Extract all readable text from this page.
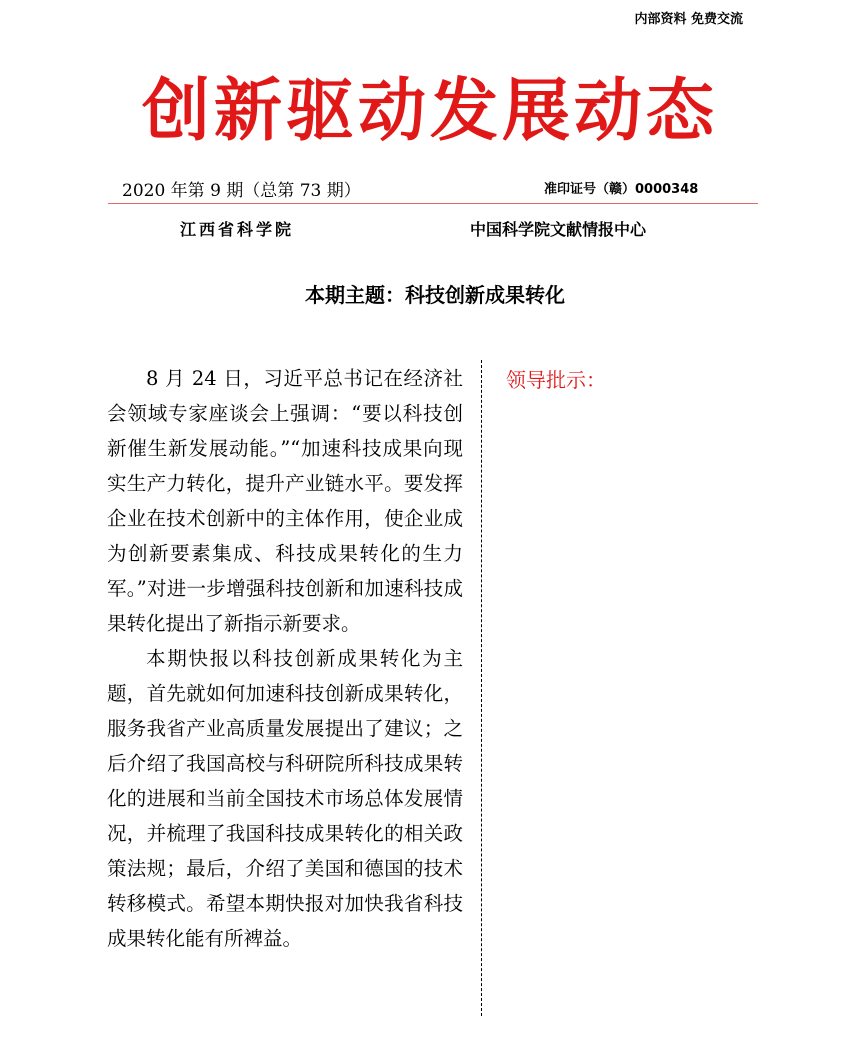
内部资料 免费交流
创新驱动发展动态
2020 年第 9 期（总第 73 期）	准印证号（赣）0000348
江西省科学院	中国科学院文献情报中心
本期主题：科技创新成果转化

8 月 24 日，习近平总书记在经济社会领域专家座谈会上强调：“要以科技创新催生新发展动能。”“加速科技成果向现实生产力转化，提升产业链水平。要发挥企业在技术创新中的主体作用，使企业成为创新要素集成、科技成果转化的生力军。”对进一步增强科技创新和加速科技成果转化提出了新指示新要求。

本期快报以科技创新成果转化为主题，首先就如何加速科技创新成果转化，服务我省产业高质量发展提出了建议；之后介绍了我国高校与科研院所科技成果转化的进展和当前全国技术市场总体发展情况，并梳理了我国科技成果转化的相关政策法规；最后，介绍了美国和德国的技术转移模式。希望本期快报对加快我省科技成果转化能有所裨益。

领导批示：
